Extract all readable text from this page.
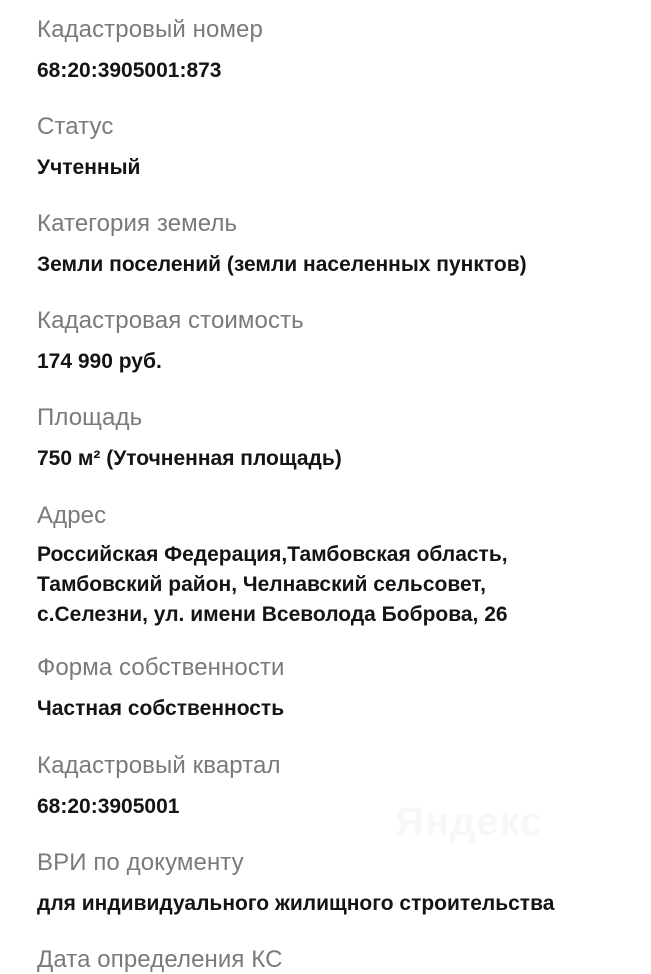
Кадастровый номер
68:20:3905001:873
Статус
Учтенный
Категория земель
Земли поселений (земли населенных пунктов)
Кадастровая стоимость
174 990 руб.
Площадь
750 м² (Уточненная площадь)
Адрес
Российская Федерация,Тамбовская область,
Тамбовский район, Челнавский сельсовет,
с.Селезни, ул. имени Всеволода Боброва, 26
Форма собственности
Частная собственность
Кадастровый квартал
68:20:3905001
ВРИ по документу
для индивидуального жилищного строительства
Дата определения КС
